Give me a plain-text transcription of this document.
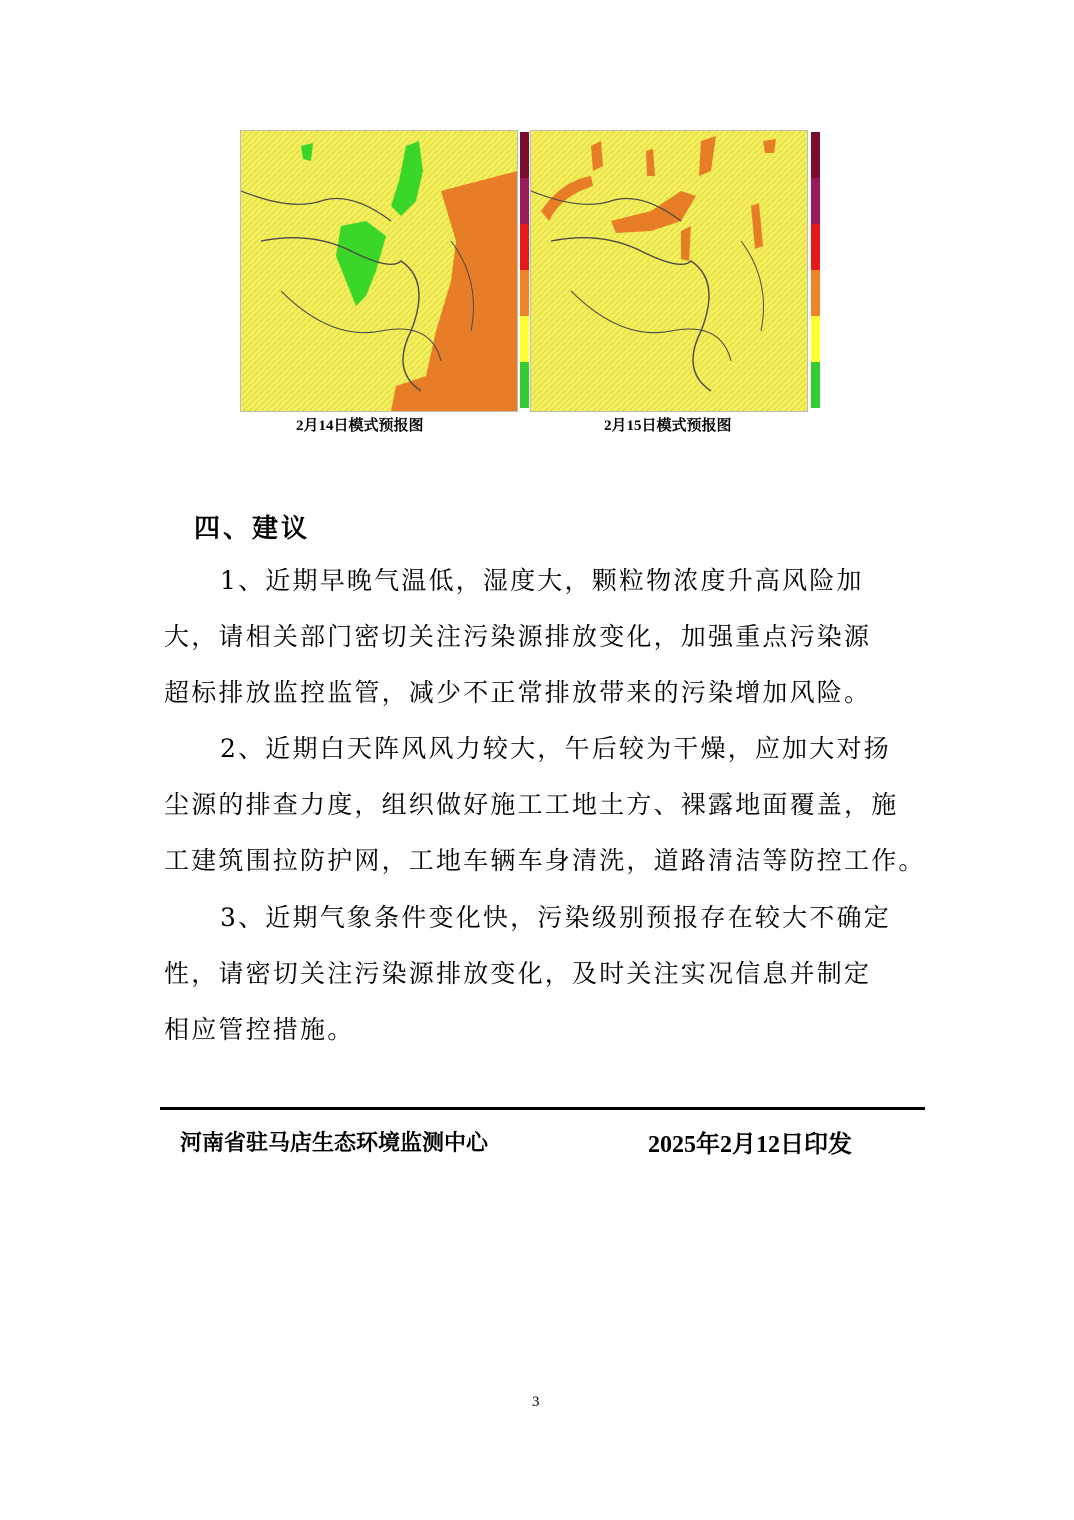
2月14日模式预报图	2月15日模式预报图
四、建议
1、近期早晚气温低，湿度大，颗粒物浓度升高风险加
大，请相关部门密切关注污染源排放变化，加强重点污染源
超标排放监控监管，减少不正常排放带来的污染增加风险。
2、近期白天阵风风力较大，午后较为干燥，应加大对扬
尘源的排查力度，组织做好施工工地土方、裸露地面覆盖，施
工建筑围拉防护网，工地车辆车身清洗，道路清洁等防控工作。
3、近期气象条件变化快，污染级别预报存在较大不确定
性，请密切关注污染源排放变化，及时关注实况信息并制定
相应管控措施。
河南省驻马店生态环境监测中心	2025年2月12日印发
3
